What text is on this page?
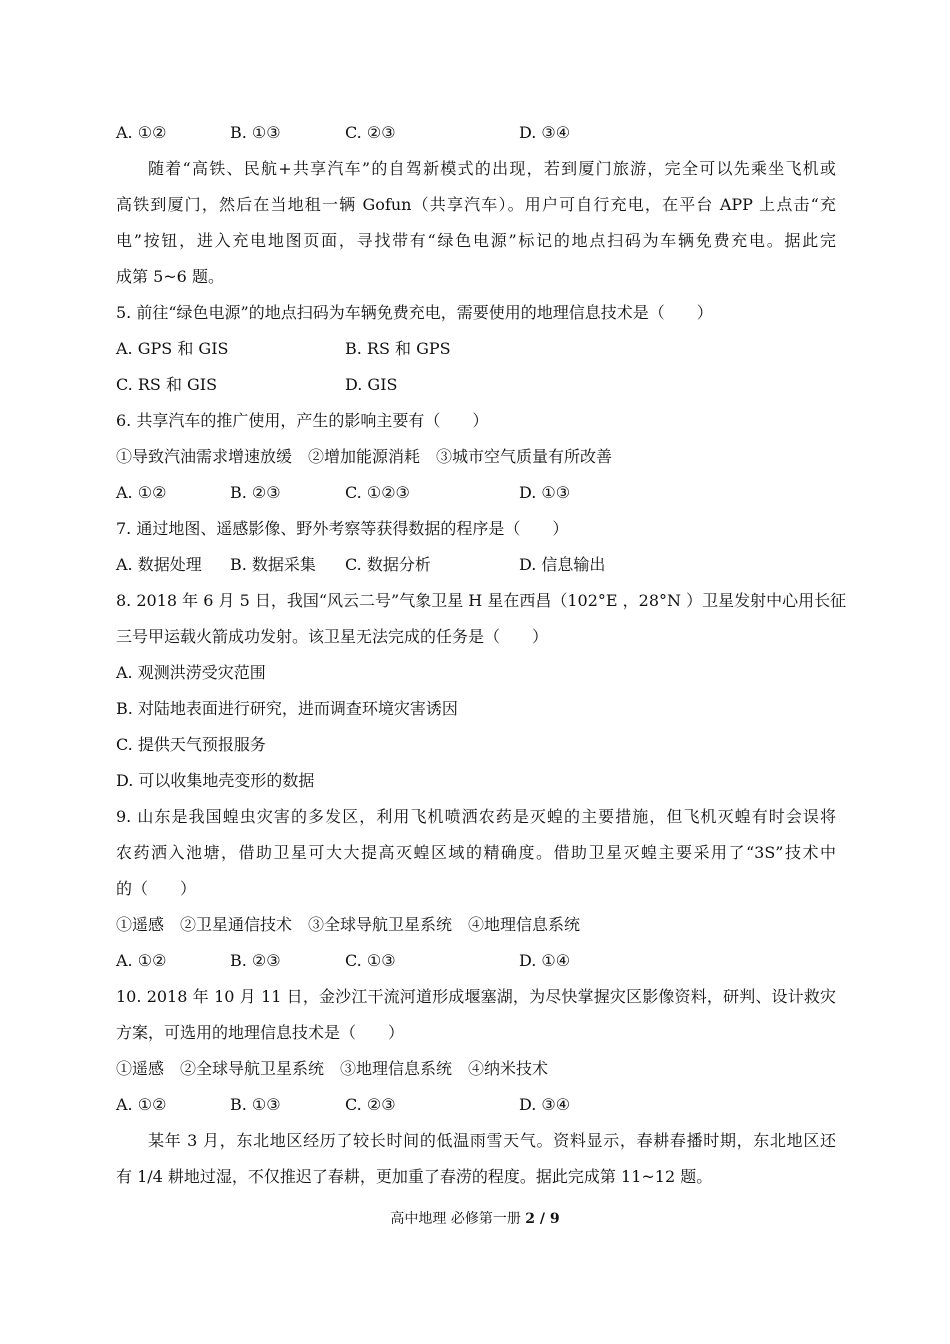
A. ①②	B. ①③	C. ②③	D. ③④
随着“高铁、民航+共享汽车”的自驾新模式的出现，若到厦门旅游，完全可以先乘坐飞机或
高铁到厦门，然后在当地租一辆 Gofun（共享汽车）。用户可自行充电，在平台 APP 上点击“充
电”按钮，进入充电地图页面，寻找带有“绿色电源”标记的地点扫码为车辆免费充电。据此完
成第 5~6 题。
5. 前往“绿色电源”的地点扫码为车辆免费充电，需要使用的地理信息技术是（　　）
A. GPS 和 GIS	B. RS 和 GPS
C. RS 和 GIS	D. GIS
6. 共享汽车的推广使用，产生的影响主要有（　　）
①导致汽油需求增速放缓　②增加能源消耗　③城市空气质量有所改善
A. ①②	B. ②③	C. ①②③	D. ①③
7. 通过地图、遥感影像、野外考察等获得数据的程序是（　　）
A. 数据处理 B. 数据采集 C. 数据分析	D. 信息输出
8. 2018 年 6 月 5 日，我国“风云二号”气象卫星 H 星在西昌（102°E ，28°N ）卫星发射中心用长征
三号甲运载火箭成功发射。该卫星无法完成的任务是（　　）
A. 观测洪涝受灾范围
B. 对陆地表面进行研究，进而调查环境灾害诱因
C. 提供天气预报服务
D. 可以收集地壳变形的数据
9. 山东是我国蝗虫灾害的多发区，利用飞机喷洒农药是灭蝗的主要措施，但飞机灭蝗有时会误将
农药洒入池塘，借助卫星可大大提高灭蝗区域的精确度。借助卫星灭蝗主要采用了“3S”技术中
的（　　）
①遥感　②卫星通信技术　③全球导航卫星系统　④地理信息系统
A. ①②	B. ②③	C. ①③	D. ①④
10. 2018 年 10 月 11 日，金沙江干流河道形成堰塞湖，为尽快掌握灾区影像资料，研判、设计救灾
方案，可选用的地理信息技术是（　　）
①遥感　②全球导航卫星系统　③地理信息系统　④纳米技术
A. ①②	B. ①③	C. ②③	D. ③④
某年 3 月，东北地区经历了较长时间的低温雨雪天气。资料显示，春耕春播时期，东北地区还
有 1/4 耕地过湿，不仅推迟了春耕，更加重了春涝的程度。据此完成第 11~12 题。
高中地理 必修第一册 2 / 9
